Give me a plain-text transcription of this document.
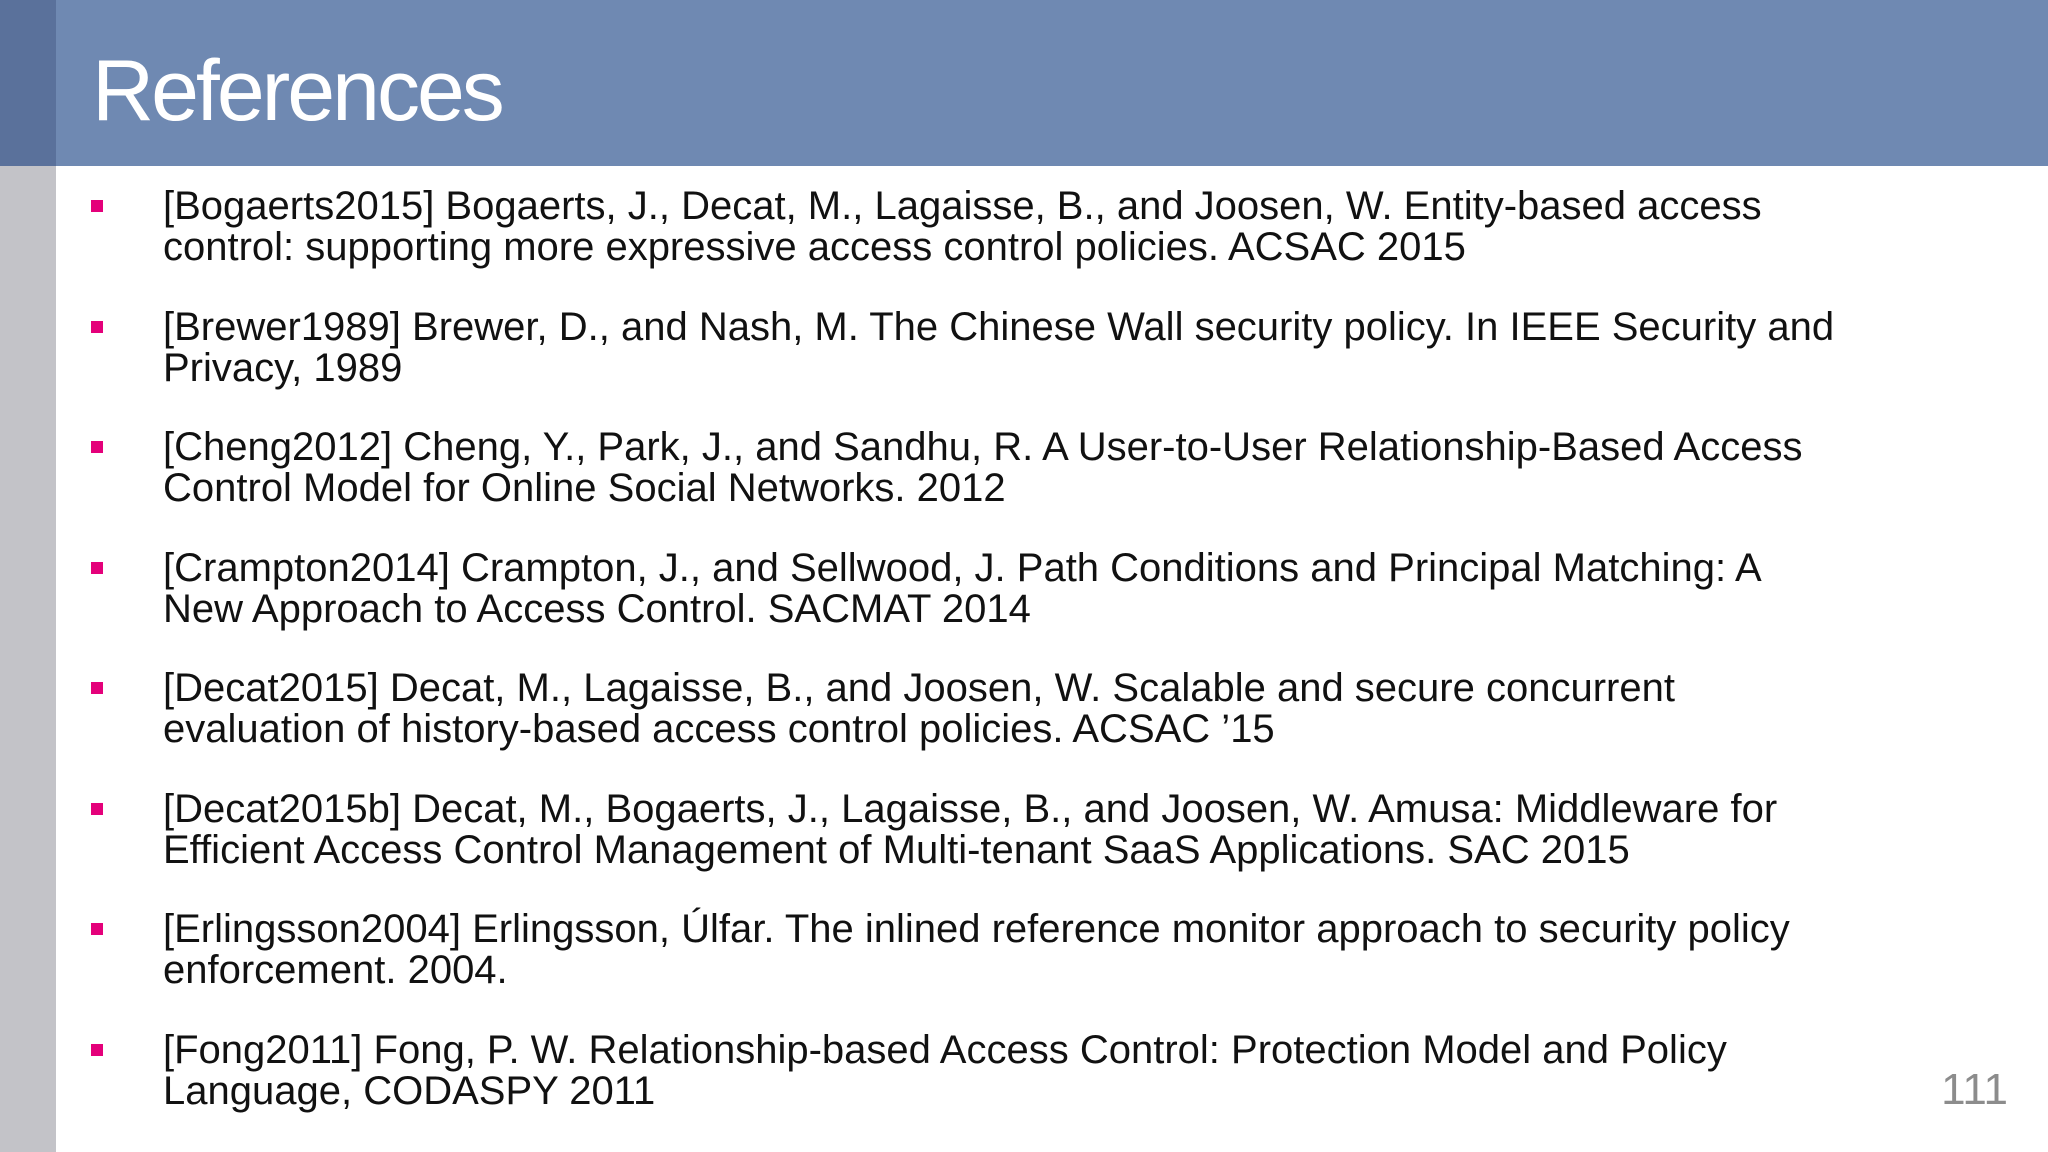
References

[Bogaerts2015] Bogaerts, J., Decat, M., Lagaisse, B., and Joosen, W. Entity-based access
control: supporting more expressive access control policies. ACSAC 2015

[Brewer1989] Brewer, D., and Nash, M. The Chinese Wall security policy. In IEEE Security and
Privacy, 1989

[Cheng2012] Cheng, Y., Park, J., and Sandhu, R. A User-to-User Relationship-Based Access
Control Model for Online Social Networks. 2012

[Crampton2014] Crampton, J., and Sellwood, J. Path Conditions and Principal Matching: A
New Approach to Access Control. SACMAT 2014

[Decat2015] Decat, M., Lagaisse, B., and Joosen, W. Scalable and secure concurrent
evaluation of history-based access control policies. ACSAC ’15

[Decat2015b] Decat, M., Bogaerts, J., Lagaisse, B., and Joosen, W. Amusa: Middleware for
Efficient Access Control Management of Multi-tenant SaaS Applications. SAC 2015

[Erlingsson2004] Erlingsson, Úlfar. The inlined reference monitor approach to security policy
enforcement. 2004.

[Fong2011] Fong, P. W. Relationship-based Access Control: Protection Model and Policy
Language, CODASPY 2011	111
